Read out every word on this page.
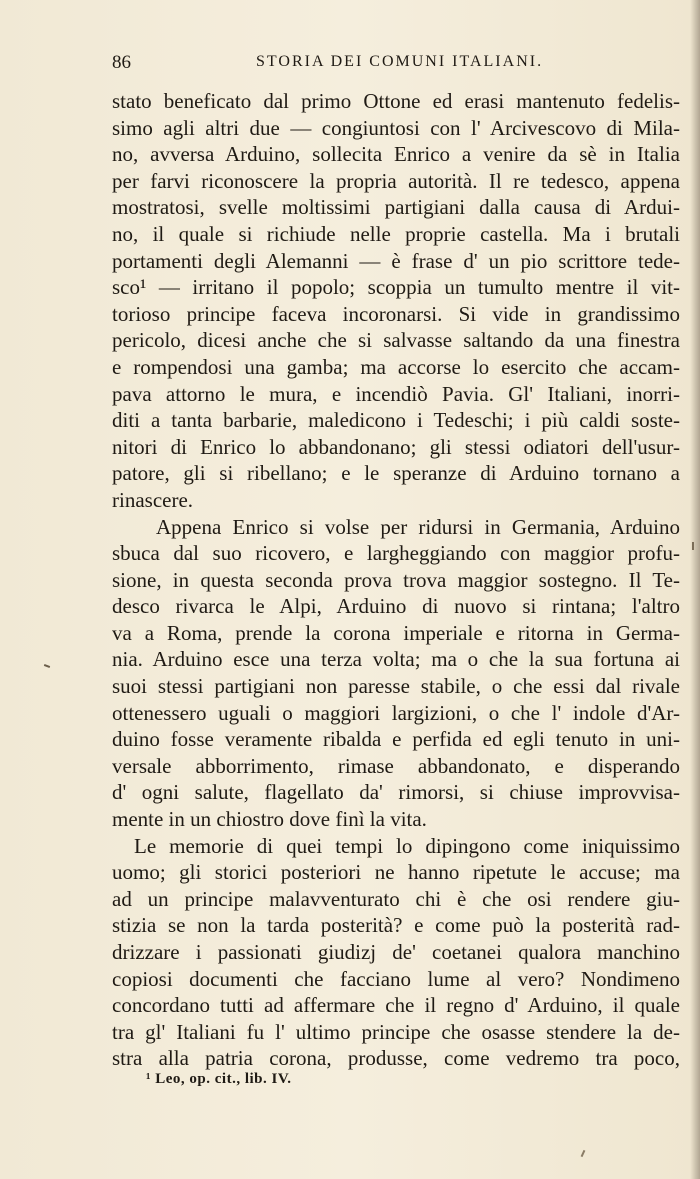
86	STORIA DEI COMUNI ITALIANI.
stato beneficato dal primo Ottone ed erasi mantenuto fedelis-
simo agli altri due — congiuntosi con l' Arcivescovo di Mila-
no, avversa Arduino, sollecita Enrico a venire da sè in Italia
per farvi riconoscere la propria autorità. Il re tedesco, appena
mostratosi, svelle moltissimi partigiani dalla causa di Ardui-
no, il quale si richiude nelle proprie castella. Ma i brutali
portamenti degli Alemanni — è frase d' un pio scrittore tede-
sco¹ — irritano il popolo; scoppia un tumulto mentre il vit-
torioso principe faceva incoronarsi. Si vide in grandissimo
pericolo, dicesi anche che si salvasse saltando da una finestra
e rompendosi una gamba; ma accorse lo esercito che accam-
pava attorno le mura, e incendiò Pavia. Gl' Italiani, inorri-
diti a tanta barbarie, maledicono i Tedeschi; i più caldi soste-
nitori di Enrico lo abbandonano; gli stessi odiatori dell'usur-
patore, gli si ribellano; e le speranze di Arduino tornano a
rinascere.
Appena Enrico si volse per ridursi in Germania, Arduino
sbuca dal suo ricovero, e largheggiando con maggior profu-
sione, in questa seconda prova trova maggior sostegno. Il Te-
desco rivarca le Alpi, Arduino di nuovo si rintana; l'altro
va a Roma, prende la corona imperiale e ritorna in Germa-
nia. Arduino esce una terza volta; ma o che la sua fortuna ai
suoi stessi partigiani non paresse stabile, o che essi dal rivale
ottenessero uguali o maggiori largizioni, o che l' indole d'Ar-
duino fosse veramente ribalda e perfida ed egli tenuto in uni-
versale abborrimento, rimase abbandonato, e disperando
d' ogni salute, flagellato da' rimorsi, si chiuse improvvisa-
mente in un chiostro dove finì la vita.
Le memorie di quei tempi lo dipingono come iniquissimo
uomo; gli storici posteriori ne hanno ripetute le accuse; ma
ad un principe malavventurato chi è che osi rendere giu-
stizia se non la tarda posterità? e come può la posterità rad-
drizzare i passionati giudizj de' coetanei qualora manchino
copiosi documenti che facciano lume al vero? Nondimeno
concordano tutti ad affermare che il regno d' Arduino, il quale
tra gl' Italiani fu l' ultimo principe che osasse stendere la de-
stra alla patria corona, produsse, come vedremo tra poco,
¹ Leo, op. cit., lib. IV.
